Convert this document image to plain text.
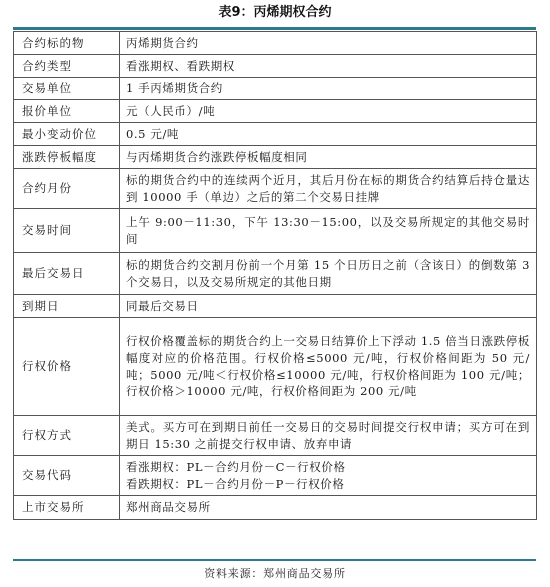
表9：丙烯期权合约
合约标的物	丙烯期货合约
合约类型	看涨期权、看跌期权
交易单位	1 手丙烯期货合约
报价单位	元（人民币）/吨
最小变动价位	0.5 元/吨
涨跌停板幅度	与丙烯期货合约涨跌停板幅度相同
合约月份	标的期货合约中的连续两个近月，其后月份在标的期货合约结算后持仓量达到 10000 手（单边）之后的第二个交易日挂牌
交易时间	上午 9:00－11:30，下午 13:30－15:00，以及交易所规定的其他交易时间
最后交易日	标的期货合约交割月份前一个月第 15 个日历日之前（含该日）的倒数第 3 个交易日，以及交易所规定的其他日期
到期日	同最后交易日
行权价格	行权价格覆盖标的期货合约上一交易日结算价上下浮动 1.5 倍当日涨跌停板幅度对应的价格范围。行权价格≤5000 元/吨，行权价格间距为 50 元/吨；5000 元/吨＜行权价格≤10000 元/吨，行权价格间距为 100 元/吨；行权价格＞10000 元/吨，行权价格间距为 200 元/吨
行权方式	美式。买方可在到期日前任一交易日的交易时间提交行权申请；买方可在到期日 15:30 之前提交行权申请、放弃申请
交易代码	看涨期权：PL－合约月份－C－行权价格
看跌期权：PL－合约月份－P－行权价格

上市交易所	郑州商品交易所
资料来源：郑州商品交易所
